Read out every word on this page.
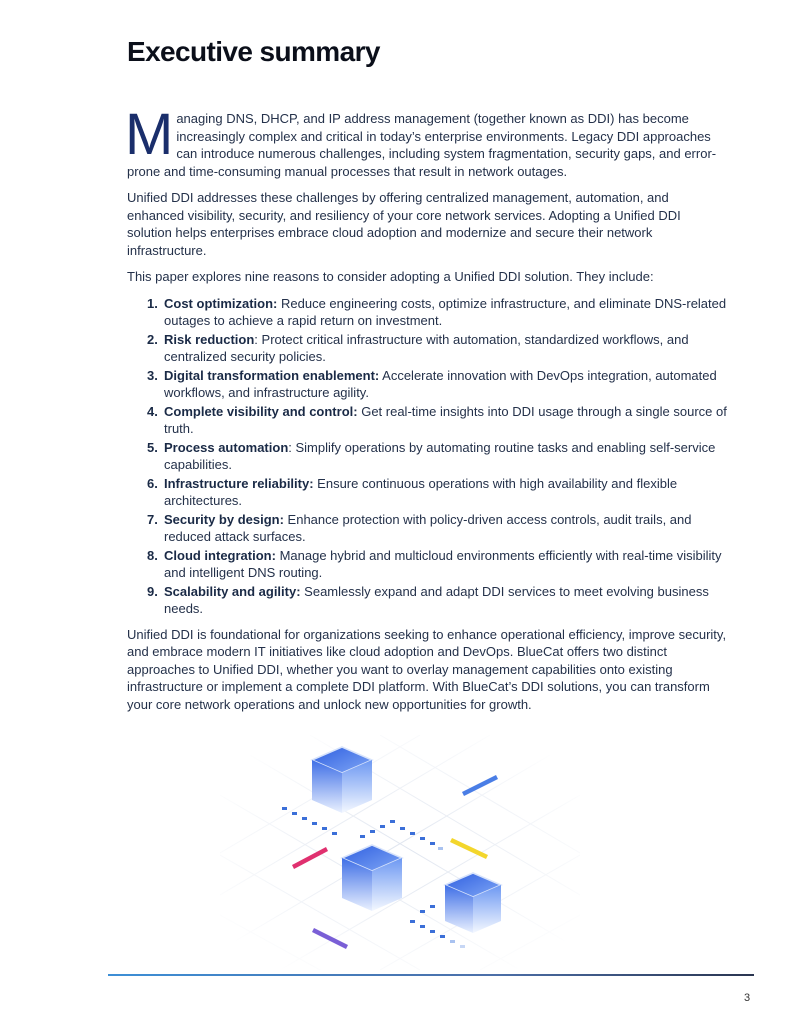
Executive summary

Managing DNS, DHCP, and IP address management (together known as DDI) has become increasingly complex and critical in today’s enterprise environments. Legacy DDI approaches can introduce numerous challenges, including system fragmentation, security gaps, and error-prone and time-consuming manual processes that result in network outages.

Unified DDI addresses these challenges by offering centralized management, automation, and enhanced visibility, security, and resiliency of your core network services. Adopting a Unified DDI solution helps enterprises embrace cloud adoption and modernize and secure their network infrastructure.

This paper explores nine reasons to consider adopting a Unified DDI solution. They include:

1. Cost optimization: Reduce engineering costs, optimize infrastructure, and eliminate DNS-related outages to achieve a rapid return on investment.
2. Risk reduction: Protect critical infrastructure with automation, standardized workflows, and centralized security policies.
3. Digital transformation enablement: Accelerate innovation with DevOps integration, automated workflows, and infrastructure agility.
4. Complete visibility and control: Get real-time insights into DDI usage through a single source of truth.
5. Process automation: Simplify operations by automating routine tasks and enabling self-service capabilities.
6. Infrastructure reliability: Ensure continuous operations with high availability and flexible architectures.
7. Security by design: Enhance protection with policy-driven access controls, audit trails, and reduced attack surfaces.
8. Cloud integration: Manage hybrid and multicloud environments efficiently with real-time visibility and intelligent DNS routing.
9. Scalability and agility: Seamlessly expand and adapt DDI services to meet evolving business needs.

Unified DDI is foundational for organizations seeking to enhance operational efficiency, improve security, and embrace modern IT initiatives like cloud adoption and DevOps. BlueCat offers two distinct approaches to Unified DDI, whether you want to overlay management capabilities onto existing infrastructure or implement a complete DDI platform. With BlueCat’s DDI solutions, you can transform your core network operations and unlock new opportunities for growth.

3
